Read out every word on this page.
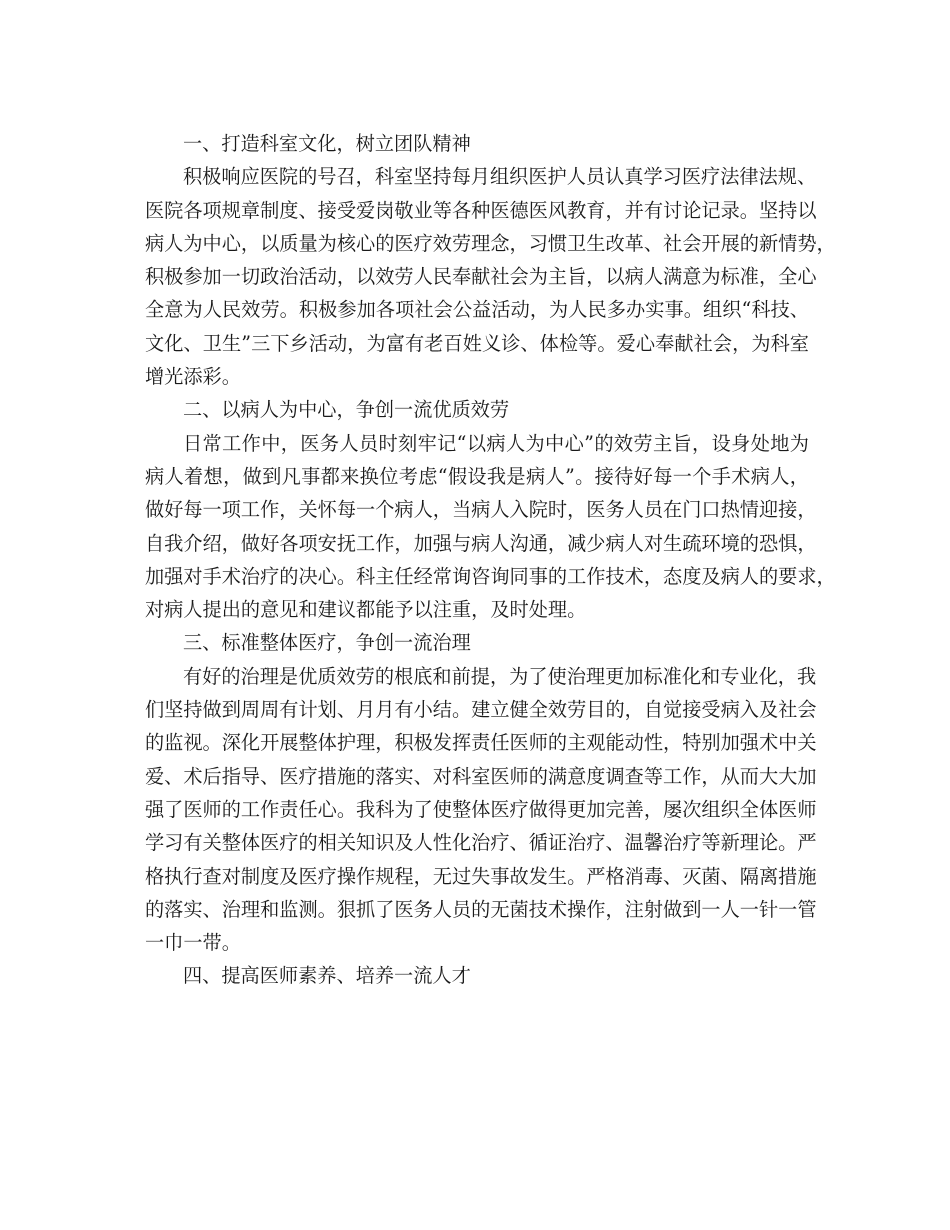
一、打造科室文化，树立团队精神

积极响应医院的号召，科室坚持每月组织医护人员认真学习医疗法律法规、
医院各项规章制度、接受爱岗敬业等各种医德医风教育，并有讨论记录。坚持以
病人为中心，以质量为核心的医疗效劳理念，习惯卫生改革、社会开展的新情势，
积极参加一切政治活动，以效劳人民奉献社会为主旨，以病人满意为标准，全心
全意为人民效劳。积极参加各项社会公益活动，为人民多办实事。组织“科技、
文化、卫生”三下乡活动，为富有老百姓义诊、体检等。爱心奉献社会，为科室
增光添彩。

二、以病人为中心，争创一流优质效劳

日常工作中，医务人员时刻牢记“以病人为中心”的效劳主旨，设身处地为
病人着想，做到凡事都来换位考虑“假设我是病人”。接待好每一个手术病人，
做好每一项工作，关怀每一个病人，当病人入院时，医务人员在门口热情迎接，
自我介绍，做好各项安抚工作，加强与病人沟通，减少病人对生疏环境的恐惧，
加强对手术治疗的决心。科主任经常询咨询同事的工作技术，态度及病人的要求，
对病人提出的意见和建议都能予以注重，及时处理。

三、标准整体医疗，争创一流治理

有好的治理是优质效劳的根底和前提，为了使治理更加标准化和专业化，我
们坚持做到周周有计划、月月有小结。建立健全效劳目的，自觉接受病入及社会
的监视。深化开展整体护理，积极发挥责任医师的主观能动性，特别加强术中关
爱、术后指导、医疗措施的落实、对科室医师的满意度调查等工作，从而大大加
强了医师的工作责任心。我科为了使整体医疗做得更加完善，屡次组织全体医师
学习有关整体医疗的相关知识及人性化治疗、循证治疗、温馨治疗等新理论。严
格执行查对制度及医疗操作规程，无过失事故发生。严格消毒、灭菌、隔离措施
的落实、治理和监测。狠抓了医务人员的无菌技术操作，注射做到一人一针一管
一巾一带。

四、提高医师素养、培养一流人才
